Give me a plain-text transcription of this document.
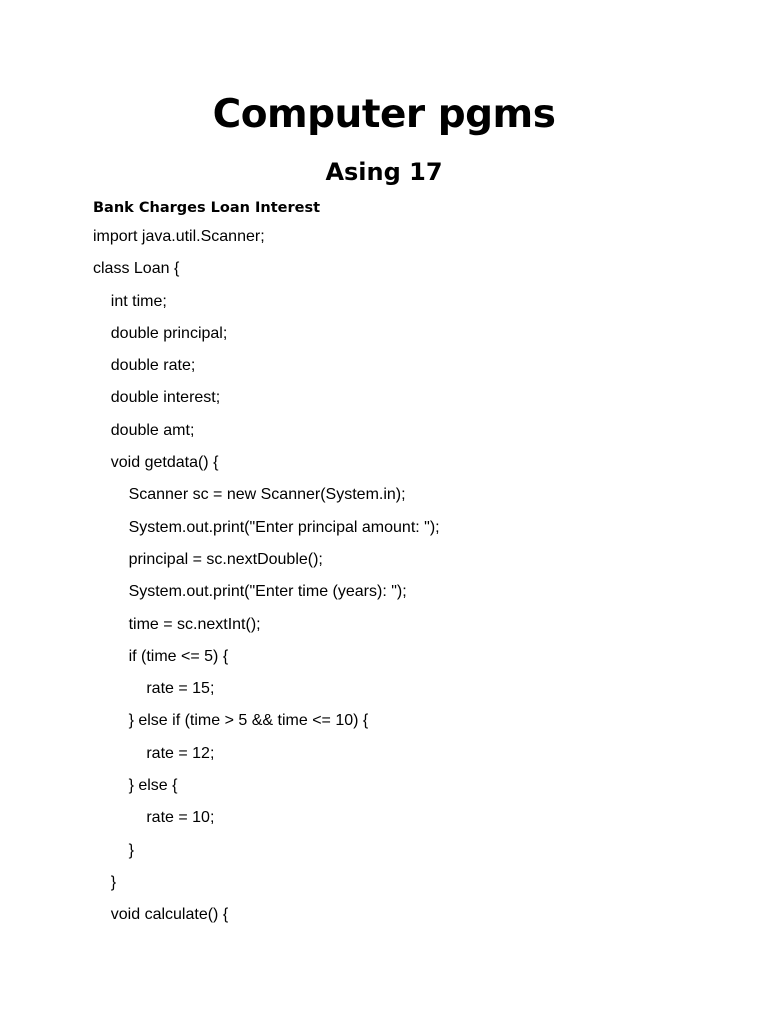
Computer pgms
Asing 17
Bank Charges Loan Interest
import java.util.Scanner;
class Loan {
int time;
double principal;
double rate;
double interest;
double amt;
void getdata() {
Scanner sc = new Scanner(System.in);
System.out.print("Enter principal amount: ");
principal = sc.nextDouble();
System.out.print("Enter time (years): ");
time = sc.nextInt();
if (time <= 5) {
rate = 15;
} else if (time > 5 && time <= 10) {
rate = 12;
} else {
rate = 10;
}
}
void calculate() {
